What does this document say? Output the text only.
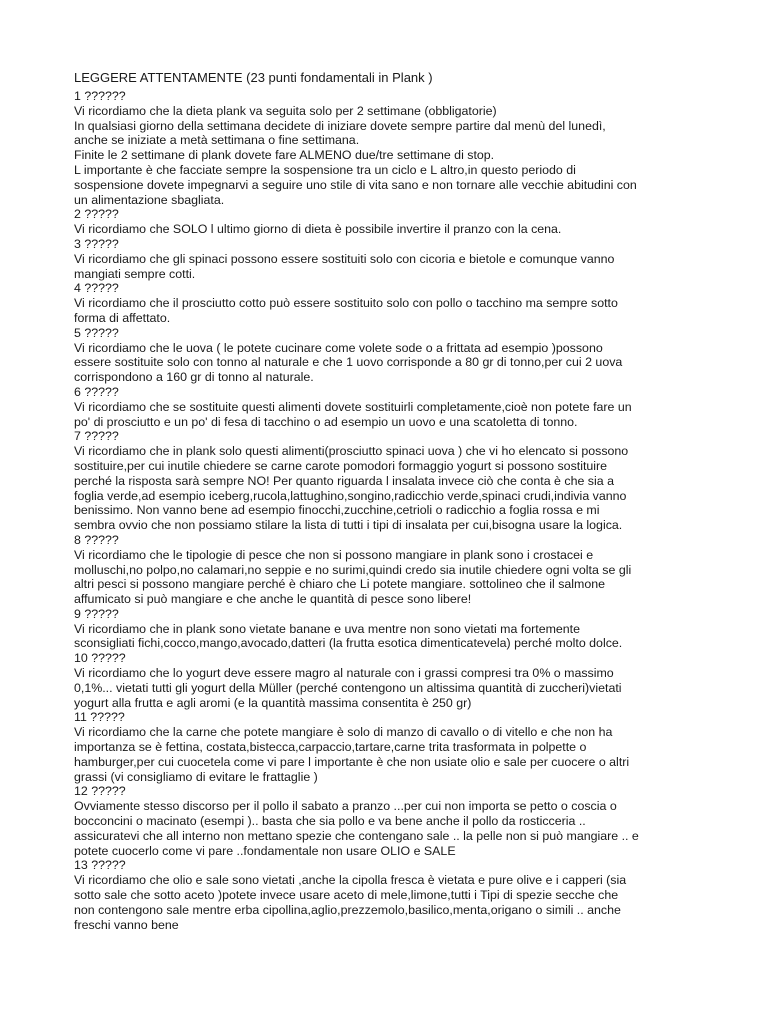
LEGGERE ATTENTAMENTE (23 punti fondamentali in Plank )
1 ??????
Vi ricordiamo che la dieta plank va seguita solo per 2 settimane (obbligatorie)
In qualsiasi giorno della settimana decidete di iniziare dovete sempre partire dal menù del lunedì,
anche se iniziate a metà settimana o fine settimana.
Finite le 2 settimane di plank dovete fare ALMENO due/tre settimane di stop.
L importante è che facciate sempre la sospensione tra un ciclo e L altro,in questo periodo di
sospensione dovete impegnarvi a seguire uno stile di vita sano e non tornare alle vecchie abitudini con
un alimentazione sbagliata.
2 ?????
Vi ricordiamo che SOLO l ultimo giorno di dieta è possibile invertire il pranzo con la cena.
3 ?????
Vi ricordiamo che gli spinaci possono essere sostituiti solo con cicoria e bietole e comunque vanno
mangiati sempre cotti.
4 ?????
Vi ricordiamo che il prosciutto cotto può essere sostituito solo con pollo o tacchino ma sempre sotto
forma di affettato.
5 ?????
Vi ricordiamo che le uova ( le potete cucinare come volete sode o a frittata ad esempio )possono
essere sostituite solo con tonno al naturale e che 1 uovo corrisponde a 80 gr di tonno,per cui 2 uova
corrispondono a 160 gr di tonno al naturale.
6 ?????
Vi ricordiamo che se sostituite questi alimenti dovete sostituirli completamente,cioè non potete fare un
po' di prosciutto e un po' di fesa di tacchino o ad esempio un uovo e una scatoletta di tonno.
7 ?????
Vi ricordiamo che in plank solo questi alimenti(prosciutto spinaci uova ) che vi ho elencato si possono
sostituire,per cui inutile chiedere se carne carote pomodori formaggio yogurt si possono sostituire
perché la risposta sarà sempre NO! Per quanto riguarda l insalata invece ciò che conta è che sia a
foglia verde,ad esempio iceberg,rucola,lattughino,songino,radicchio verde,spinaci crudi,indivia vanno
benissimo. Non vanno bene ad esempio finocchi,zucchine,cetrioli o radicchio a foglia rossa e mi
sembra ovvio che non possiamo stilare la lista di tutti i tipi di insalata per cui,bisogna usare la logica.
8 ?????
Vi ricordiamo che le tipologie di pesce che non si possono mangiare in plank sono i crostacei e
molluschi,no polpo,no calamari,no seppie e no surimi,quindi credo sia inutile chiedere ogni volta se gli
altri pesci si possono mangiare perché è chiaro che Li potete mangiare. sottolineo che il salmone
affumicato si può mangiare e che anche le quantità di pesce sono libere!
9 ?????
Vi ricordiamo che in plank sono vietate banane e uva mentre non sono vietati ma fortemente
sconsigliati fichi,cocco,mango,avocado,datteri (la frutta esotica dimenticatevela) perché molto dolce.
10 ?????
Vi ricordiamo che lo yogurt deve essere magro al naturale con i grassi compresi tra 0% o massimo
0,1%... vietati tutti gli yogurt della Müller (perché contengono un altissima quantità di zuccheri)vietati
yogurt alla frutta e agli aromi (e la quantità massima consentita è 250 gr)
11 ?????
Vi ricordiamo che la carne che potete mangiare è solo di manzo di cavallo o di vitello e che non ha
importanza se è fettina, costata,bistecca,carpaccio,tartare,carne trita trasformata in polpette o
hamburger,per cui cuocetela come vi pare l importante è che non usiate olio e sale per cuocere o altri
grassi (vi consigliamo di evitare le frattaglie )
12 ?????
Ovviamente stesso discorso per il pollo il sabato a pranzo ...per cui non importa se petto o coscia o
bocconcini o macinato (esempi ).. basta che sia pollo e va bene anche il pollo da rosticceria ..
assicuratevi che all interno non mettano spezie che contengano sale .. la pelle non si può mangiare .. e
potete cuocerlo come vi pare ..fondamentale non usare OLIO e SALE
13 ?????
Vi ricordiamo che olio e sale sono vietati ,anche la cipolla fresca è vietata e pure olive e i capperi (sia
sotto sale che sotto aceto )potete invece usare aceto di mele,limone,tutti i Tipi di spezie secche che
non contengono sale mentre erba cipollina,aglio,prezzemolo,basilico,menta,origano o simili .. anche
freschi vanno bene
